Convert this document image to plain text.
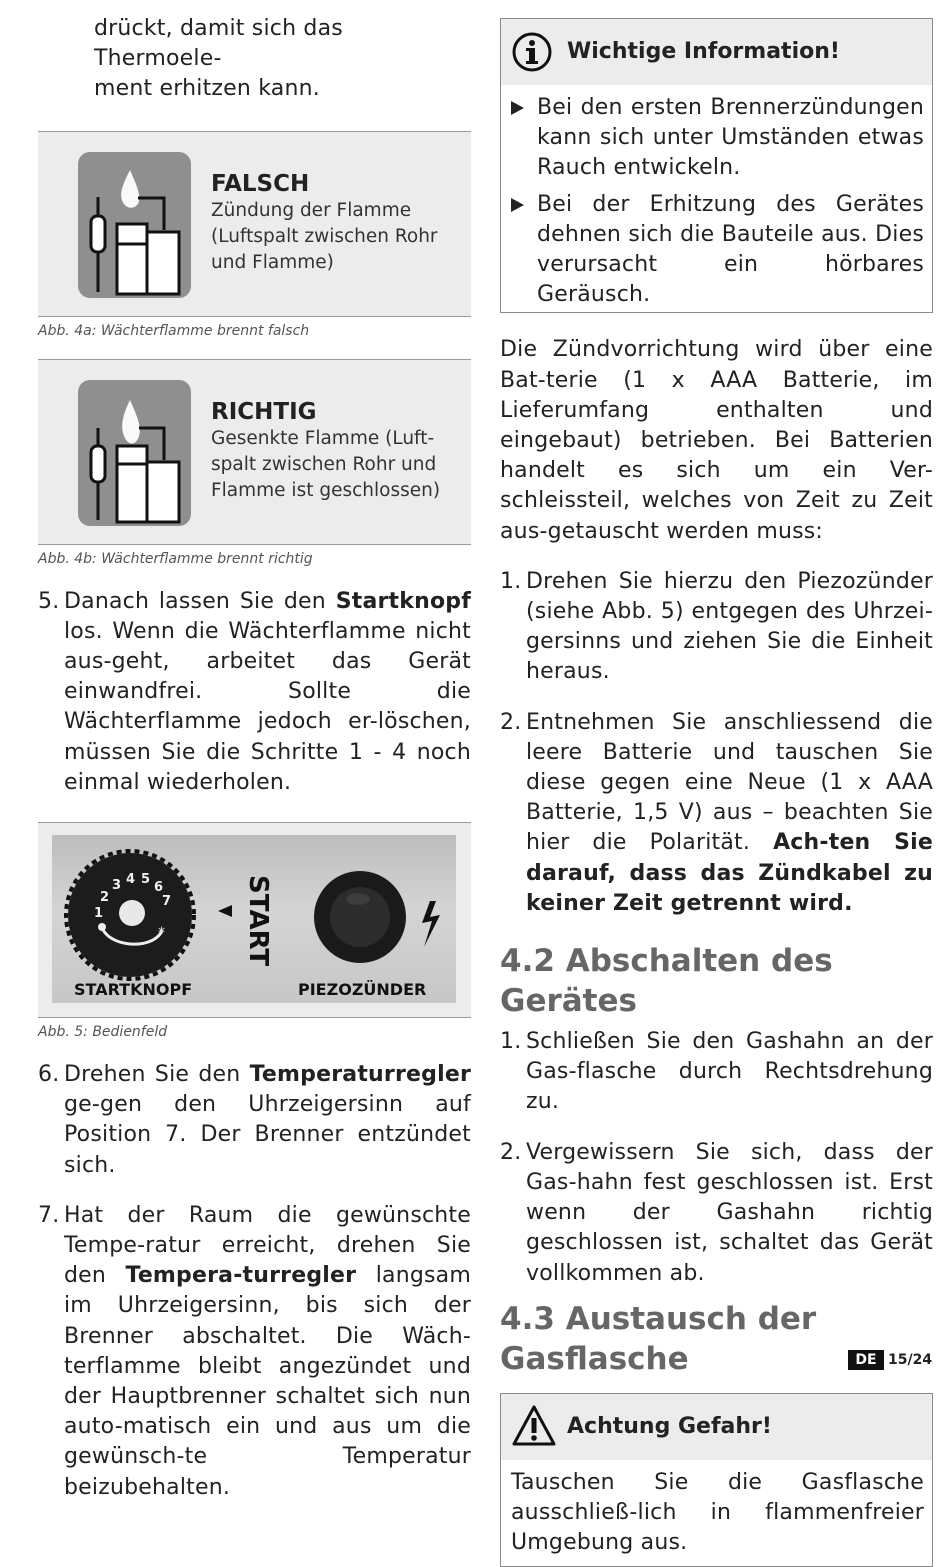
drückt, damit sich das Thermoele-
ment erhitzen kann.
FALSCH
Zündung der Flamme
(Luftspalt zwischen Rohr
und Flamme)
Abb. 4a: Wächterflamme brennt falsch
RICHTIG
Gesenkte Flamme (Luft-
spalt zwischen Rohr und
Flamme ist geschlossen)
Abb. 4b: Wächterflamme brennt richtig
5. Danach lassen Sie den Startknopf los. Wenn die Wächterflamme nicht aus-geht, arbeitet das Gerät einwandfrei. Sollte die Wächterflamme jedoch er-löschen, müssen Sie die Schritte 1 - 4 noch einmal wiederholen.
*
1
2
3 4 5
6
7	START
STARTKNOPF	PIEZOZÜNDER
Abb. 5: Bedienfeld
6. Drehen Sie den Temperaturregler ge-gen den Uhrzeigersinn auf Position 7. Der Brenner entzündet sich.
7. Hat der Raum die gewünschte Tempe-ratur erreicht, drehen Sie den Tempera-turregler langsam im Uhrzeigersinn, bis sich der Brenner abschaltet. Die Wäch-terflamme bleibt angezündet und der Hauptbrenner schaltet sich nun auto-matisch ein und aus um die gewünsch-te Temperatur beizubehalten.
Wichtige Information!
Bei den ersten Brennerzündungen kann sich unter Umständen etwas Rauch entwickeln.
Bei der Erhitzung des Gerätes dehnen sich die Bauteile aus. Dies verursacht ein hörbares Geräusch.
Die Zündvorrichtung wird über eine Bat-terie (1 x AAA Batterie, im Lieferumfang enthalten und eingebaut) betrieben. Bei Batterien handelt es sich um ein Ver-schleissteil, welches von Zeit zu Zeit aus-getauscht werden muss:
1. Drehen Sie hierzu den Piezozünder (siehe Abb. 5) entgegen des Uhrzei-gersinns und ziehen Sie die Einheit heraus.
2. Entnehmen Sie anschliessend die leere Batterie und tauschen Sie diese gegen eine Neue (1 x AAA Batterie, 1,5 V) aus – beachten Sie hier die Polarität. Ach-ten Sie darauf, dass das Zündkabel zu keiner Zeit getrennt wird.
4.2 Abschalten des Gerätes
1. Schließen Sie den Gashahn an der Gas-flasche durch Rechtsdrehung zu.
2. Vergewissern Sie sich, dass der Gas-hahn fest geschlossen ist. Erst wenn der Gashahn richtig geschlossen ist, schaltet das Gerät vollkommen ab.
4.3 Austausch der Gasflasche
Achtung Gefahr!
Tauschen Sie die Gasflasche ausschließ-lich in flammenfreier Umgebung aus.
DE 15/24
